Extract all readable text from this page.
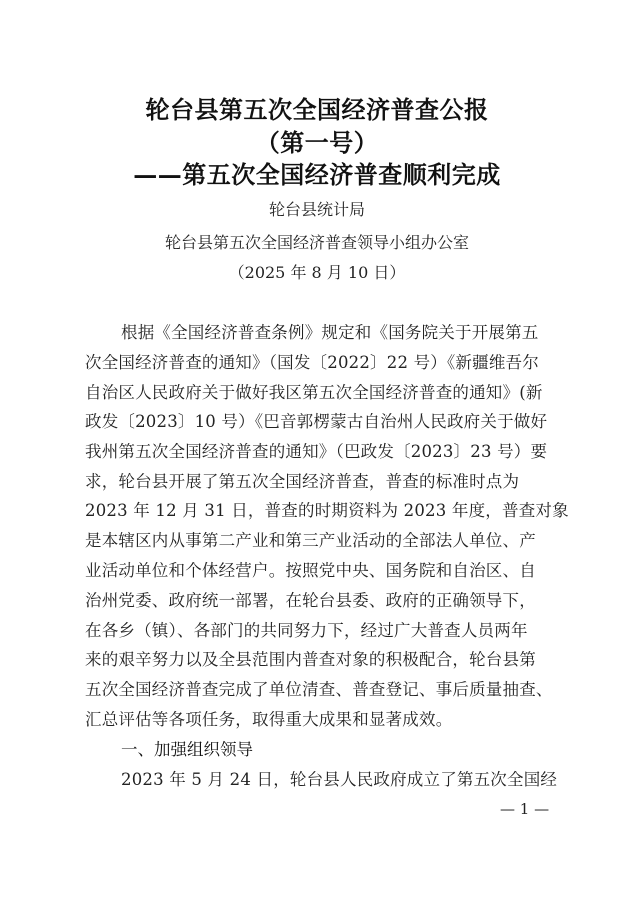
轮台县第五次全国经济普查公报
（第一号）
——第五次全国经济普查顺利完成
轮台县统计局
轮台县第五次全国经济普查领导小组办公室
（2025 年 8 月 10 日）
根据《全国经济普查条例》规定和《国务院关于开展第五
次全国经济普查的通知》（国发〔2022〕22 号）《新疆维吾尔
自治区人民政府关于做好我区第五次全国经济普查的通知》(新
政发〔2023〕10 号）《巴音郭楞蒙古自治州人民政府关于做好
我州第五次全国经济普查的通知》（巴政发〔2023〕23 号）要
求，轮台县开展了第五次全国经济普查，普查的标准时点为
2023 年 12 月 31 日，普查的时期资料为 2023 年度，普查对象
是本辖区内从事第二产业和第三产业活动的全部法人单位、产
业活动单位和个体经营户。按照党中央、国务院和自治区、自
治州党委、政府统一部署，在轮台县委、政府的正确领导下，
在各乡（镇）、各部门的共同努力下，经过广大普查人员两年
来的艰辛努力以及全县范围内普查对象的积极配合，轮台县第
五次全国经济普查完成了单位清查、普查登记、事后质量抽查、
汇总评估等各项任务，取得重大成果和显著成效。
一、加强组织领导
2023 年 5 月 24 日，轮台县人民政府成立了第五次全国经
— 1 —
